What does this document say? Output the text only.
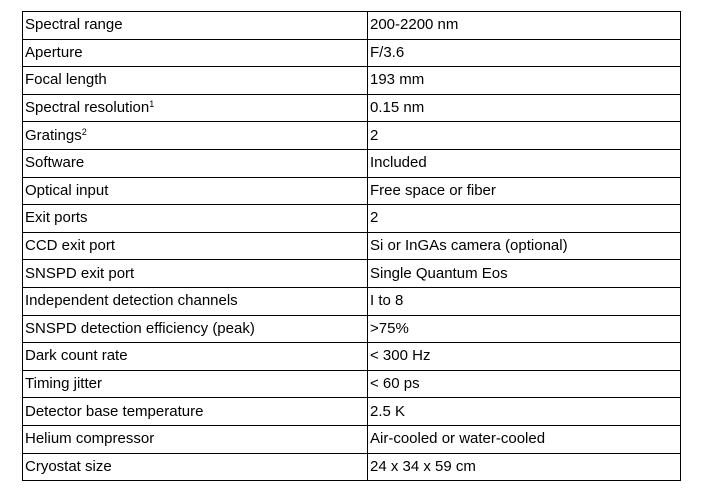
Spectral range	200-2200 nm
Aperture	F/3.6
Focal length	193 mm
Spectral resolution$^1$	0.15 nm
Gratings$^2$	2
Software	Included
Optical input	Free space or fiber
Exit ports	2
CCD exit port	Si or InGAs camera (optional)
SNSPD exit port	Single Quantum Eos
Independent detection channels	I to 8
SNSPD detection efficiency (peak)	>75%
Dark count rate	< 300 Hz
Timing jitter	< 60 ps
Detector base temperature	2.5 K
Helium compressor	Air-cooled or water-cooled
Cryostat size	24 x 34 x 59 cm
